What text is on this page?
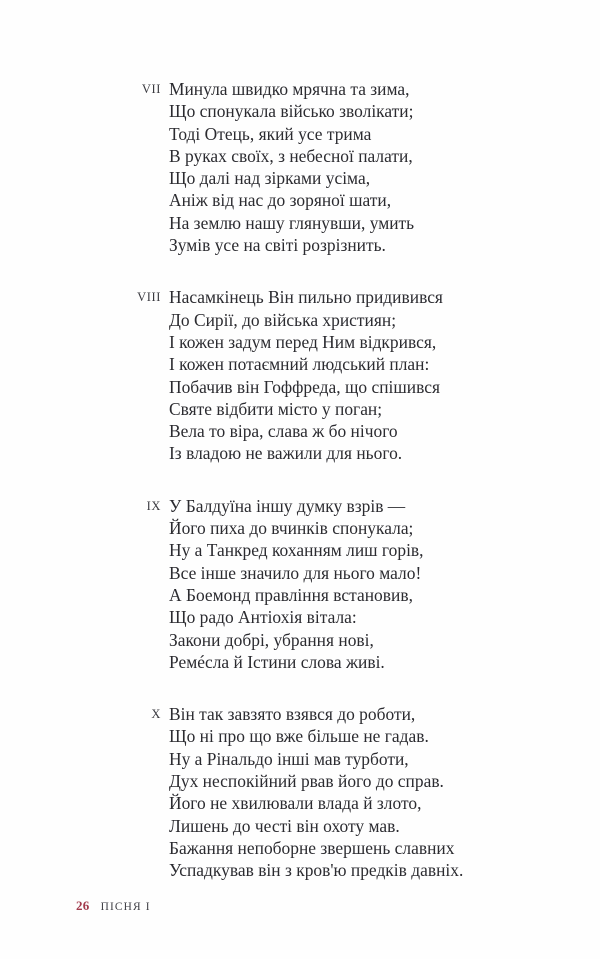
VII Минула швидко мрячна та зима,
Що спонукала військо зволікати;
Тоді Отець, який усе трима
В руках своїх, з небесної палати,
Що далі над зірками усіма,
Аніж від нас до зоряної шати,
На землю нашу глянувши, умить
Зумів усе на світі розрізнить.
VIII Насамкінець Він пильно придивився
До Сирії, до війська християн;
І кожен задум перед Ним відкрився,
І кожен потаємний людський план:
Побачив він Гоффреда, що спішився
Святе відбити місто у поган;
Вела то віра, слава ж бо нічого
Із владою не важили для нього.
IX У Балдуїна іншу думку взрів —
Його пиха до вчинків спонукала;
Ну а Танкред коханням лиш горів,
Все інше значило для нього мало!
А Боемонд правління встановив,
Що радо Антіохія вітала:
Закони добрі, убрання нові,
Ремéсла й Істини слова живі.
X Він так завзято взявся до роботи,
Що ні про що вже більше не гадав.
Ну а Рінальдо інші мав турботи,
Дух неспокійний рвав його до справ.
Його не хвилювали влада й злото,
Лишень до честі він охоту мав.
Бажання непоборне звершень славних
Успадкував він з кров'ю предків давніх.
26 ПІСНЯ І
